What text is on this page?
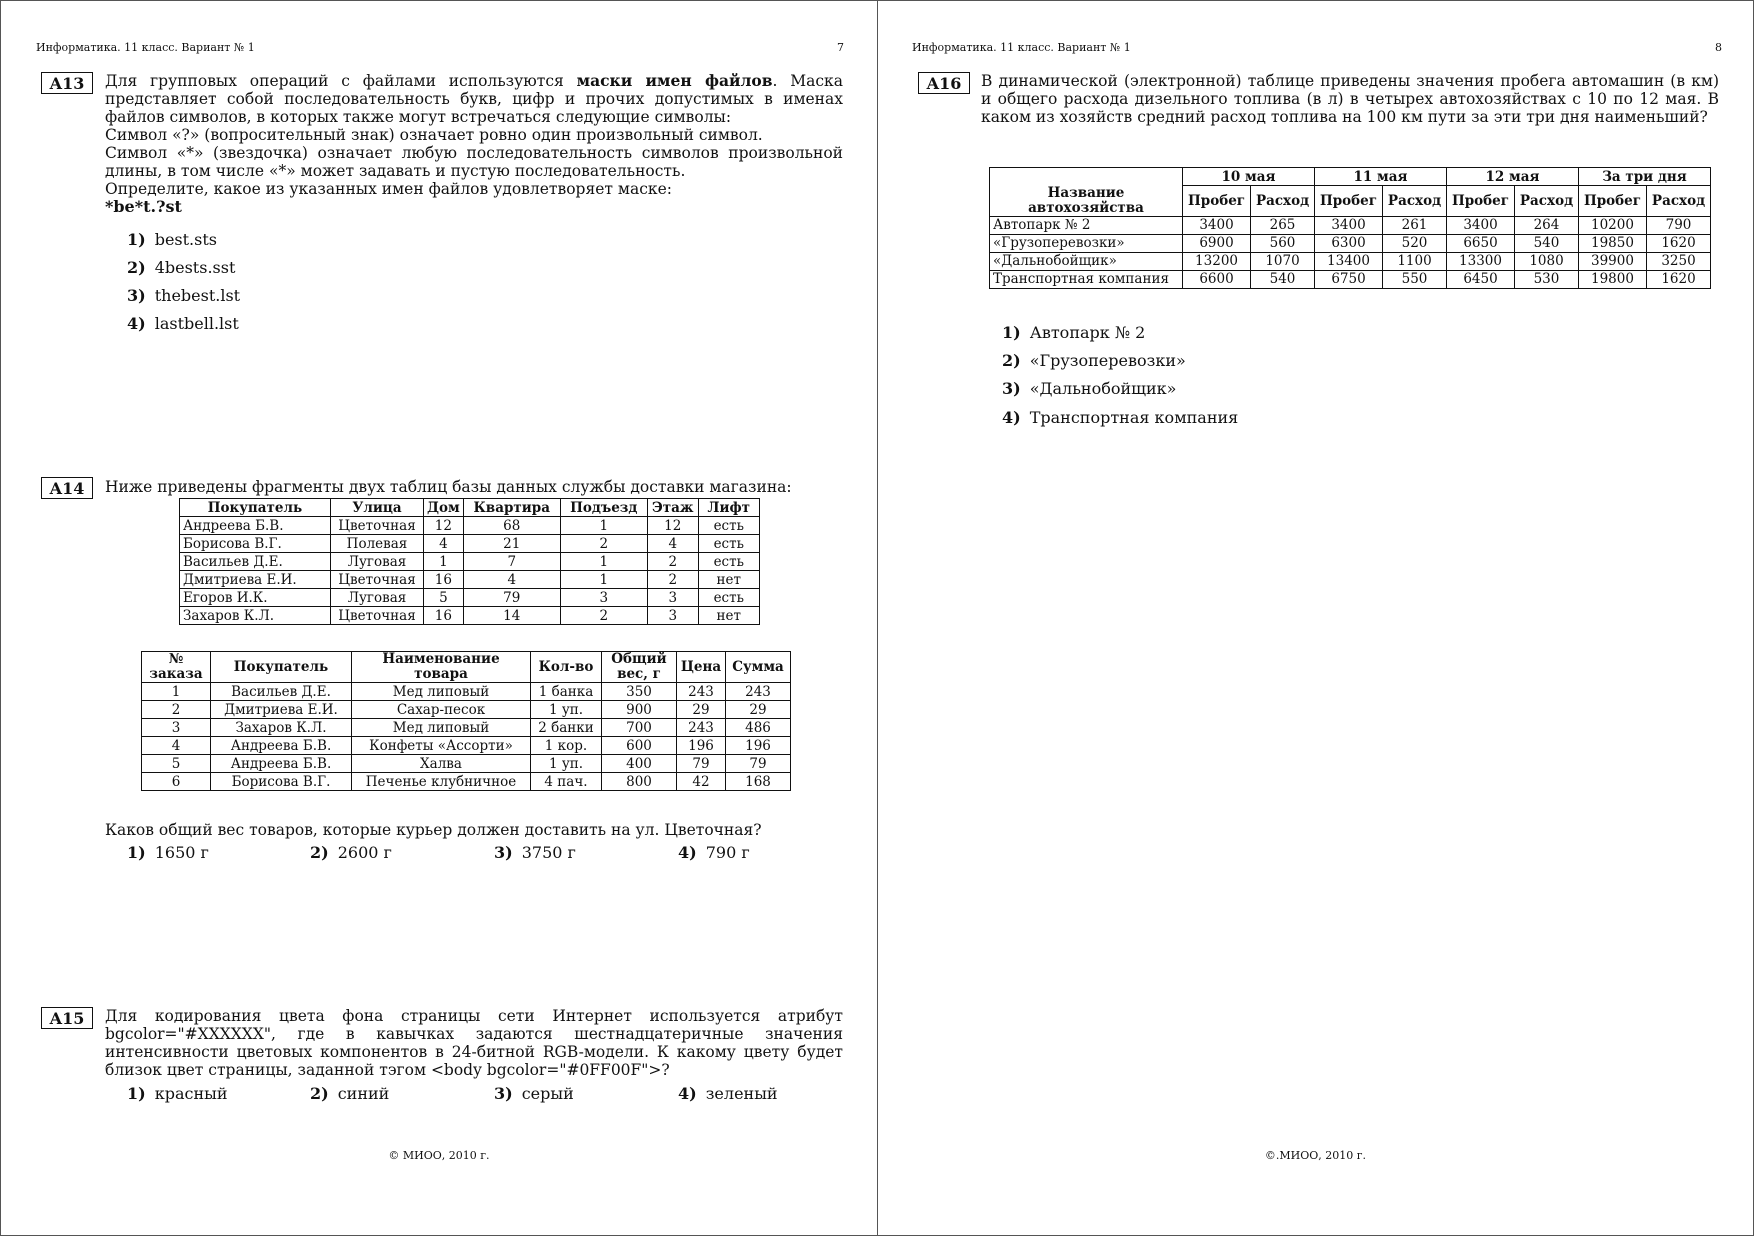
Информатика. 11 класс. Вариант № 1	7
A13	Для групповых операций с файлами используются маски имен файлов. Маска представляет собой последовательность букв, цифр и прочих допустимых в именах файлов символов, в которых также могут встречаться следующие символы:

Символ «?» (вопросительный знак) означает ровно один произвольный символ.

Символ «*» (звездочка) означает любую последовательность символов произвольной длины, в том числе «*» может задавать и пустую последовательность.

Определите, какое из указанных имен файлов удовлетворяет маске:

*be*t.?st

1) best.sts
2) 4bests.sst
3) thebest.lst
4) lastbell.lst
A14	Ниже приведены фрагменты двух таблиц базы данных службы доставки магазина:
Покупатель	Улица	Дом	Квартира	Подъезд	Этаж	Лифт
Андреева Б.В.	Цветочная	12	68	1	12	есть
Борисова В.Г.	Полевая	4	21	2	4	есть
Васильев Д.Е.	Луговая	1	7	1	2	есть
Дмитриева Е.И.	Цветочная	16	4	1	2	нет
Егоров И.К.	Луговая	5	79	3	3	есть
Захаров К.Л.	Цветочная	16	14	2	3	нет
№ заказа	Покупатель	Наименование товара	Кол-во	Общий вес, г	Цена	Сумма
1	Васильев Д.Е.	Мед липовый	1 банка	350	243	243
2	Дмитриева Е.И.	Сахар-песок	1 уп.	900	29	29
3	Захаров К.Л.	Мед липовый	2 банки	700	243	486
4	Андреева Б.В.	Конфеты «Ассорти»	1 кор.	600	196	196
5	Андреева Б.В.	Халва	1 уп.	400	79	79
6	Борисова В.Г.	Печенье клубничное	4 пач.	800	42	168
Каков общий вес товаров, которые курьер должен доставить на ул. Цветочная?
1) 1650 г	2) 2600 г	3) 3750 г	4) 790 г
A15	Для кодирования цвета фона страницы сети Интернет используется атрибут bgcolor="#XXXXXX", где в кавычках задаются шестнадцатеричные значения интенсивности цветовых компонентов в 24-битной RGB-модели. К какому цвету будет близок цвет страницы, заданной тэгом <body bgcolor="#0FF00F">?
1) красный	2) синий	3) серый	4) зеленый
© МИОО, 2010 г.
Информатика. 11 класс. Вариант № 1	8
A16	В динамической (электронной) таблице приведены значения пробега автомашин (в км) и общего расхода дизельного топлива (в л) в четырех автохозяйствах с 10 по 12 мая. В каком из хозяйств средний расход топлива на 100 км пути за эти три дня наименьший?
	10 мая		11 мая		12 мая		За три дня	
Название автохозяйства	Пробег	Расход	Пробег	Расход	Пробег	Расход	Пробег	Расход
Автопарк № 2	3400	265	3400	261	3400	264	10200	790
«Грузоперевозки»	6900	560	6300	520	6650	540	19850	1620
«Дальнобойщик»	13200	1070	13400	1100	13300	1080	39900	3250
Транспортная компания	6600	540	6750	550	6450	530	19800	1620
1) Автопарк № 2
2) «Грузоперевозки»
3) «Дальнобойщик»
4) Транспортная компания
©.МИОО, 2010 г.
